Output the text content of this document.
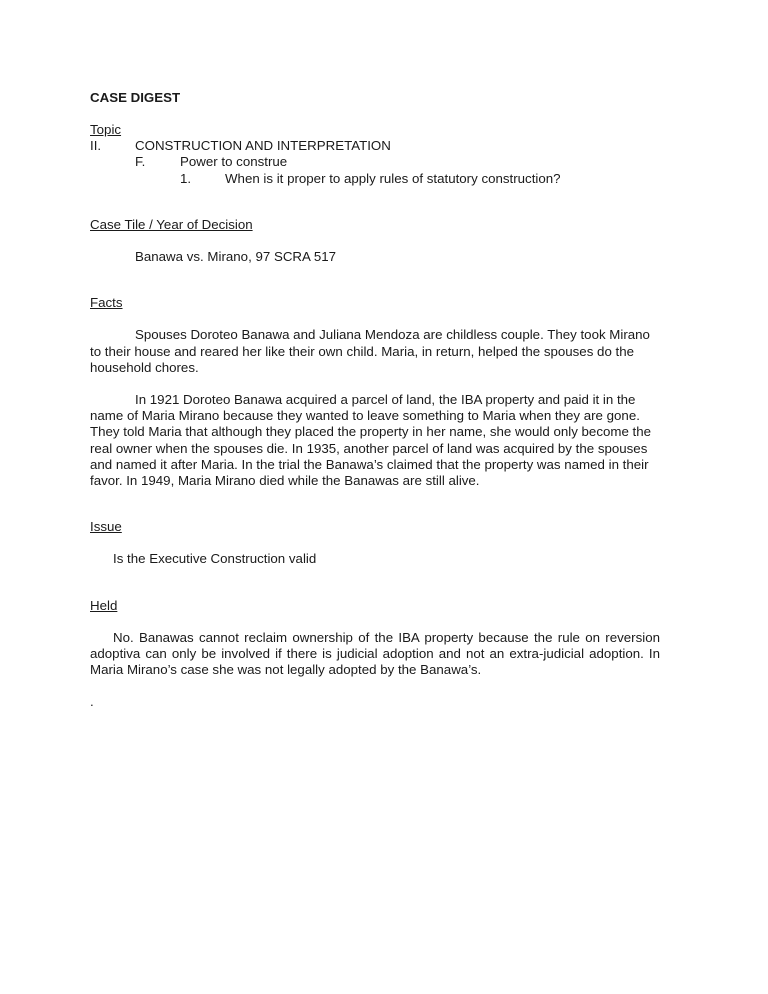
CASE DIGEST
Topic
II.	CONSTRUCTION AND INTERPRETATION
F.	Power to construe
1.	When is it proper to apply rules of statutory construction?
Case Tile / Year of Decision
Banawa vs. Mirano, 97 SCRA 517
Facts

Spouses Doroteo Banawa and Juliana Mendoza are childless couple. They took Mirano to their house and reared her like their own child. Maria, in return, helped the spouses do the household chores.

In 1921 Doroteo Banawa acquired a parcel of land, the IBA property and paid it in the name of Maria Mirano because they wanted to leave something to Maria when they are gone. They told Maria that although they placed the property in her name, she would only become the real owner when the spouses die. In 1935, another parcel of land was acquired by the spouses and named it after Maria. In the trial the Banawa’s claimed that the property was named in their favor. In 1949, Maria Mirano died while the Banawas are still alive.

Issue
Is the Executive Construction valid
Held

No. Banawas cannot reclaim ownership of the IBA property because the rule on reversion adoptiva can only be involved if there is judicial adoption and not an extra-judicial adoption. In Maria Mirano’s case she was not legally adopted by the Banawa’s.

.
